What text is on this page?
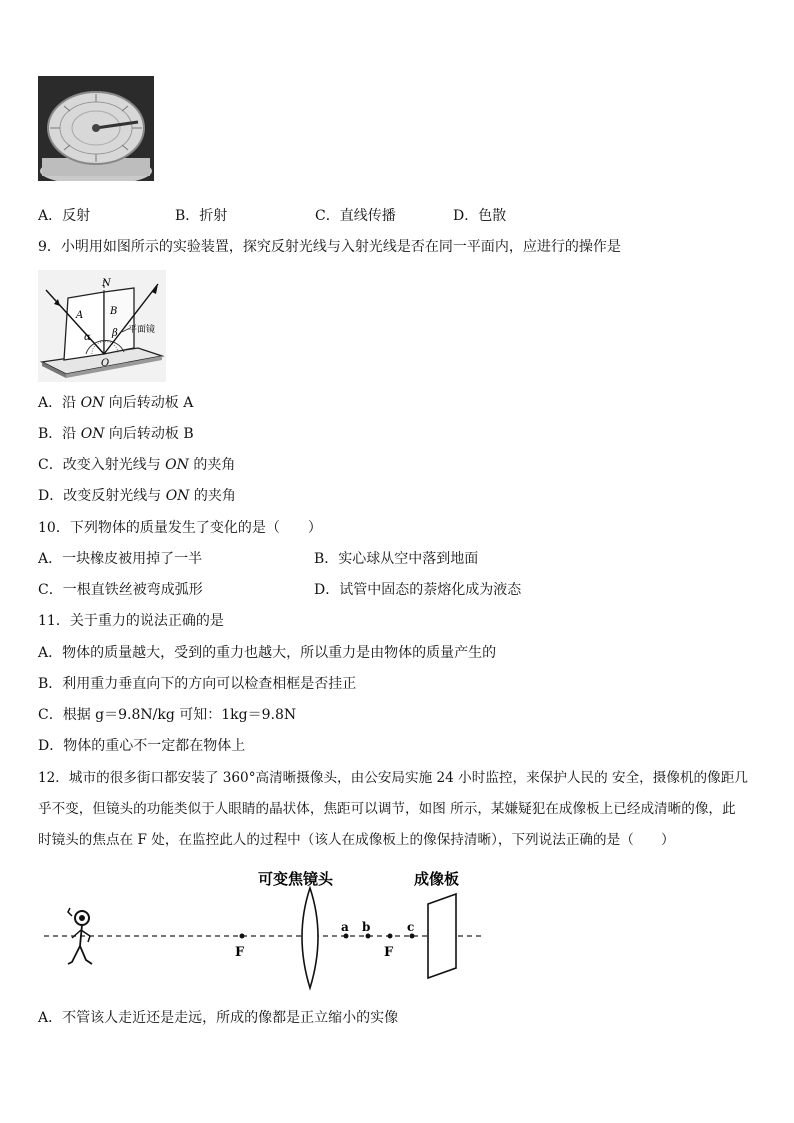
A．反射	B．折射	C．直线传播	D．色散
9．小明用如图所示的实验装置，探究反射光线与入射光线是否在同一平面内，应进行的操作是
N
A	B
α β
O
平面镜
A．沿 ON 向后转动板 A
B．沿 ON 向后转动板 B
C．改变入射光线与 ON 的夹角
D．改变反射光线与 ON 的夹角
10．下列物体的质量发生了变化的是（　　）
A．一块橡皮被用掉了一半	B．实心球从空中落到地面
C．一根直铁丝被弯成弧形	D．试管中固态的萘熔化成为液态
11．关于重力的说法正确的是
A．物体的质量越大，受到的重力也越大，所以重力是由物体的质量产生的
B．利用重力垂直向下的方向可以检查相框是否挂正
C．根据 g＝9.8N/kg 可知：1kg＝9.8N
D．物体的重心不一定都在物体上
12．城市的很多街口都安装了 360°高清晰摄像头，由公安局实施 24 小时监控，来保护人民的 安全，摄像机的像距几
乎不变，但镜头的功能类似于人眼睛的晶状体，焦距可以调节，如图 所示，某嫌疑犯在成像板上已经成清晰的像，此
时镜头的焦点在 F 处，在监控此人的过程中（该人在成像板上的像保持清晰），下列说法正确的是（　　）
F
可变焦镜头
a b
F
c
成像板
A．不管该人走近还是走远，所成的像都是正立缩小的实像
